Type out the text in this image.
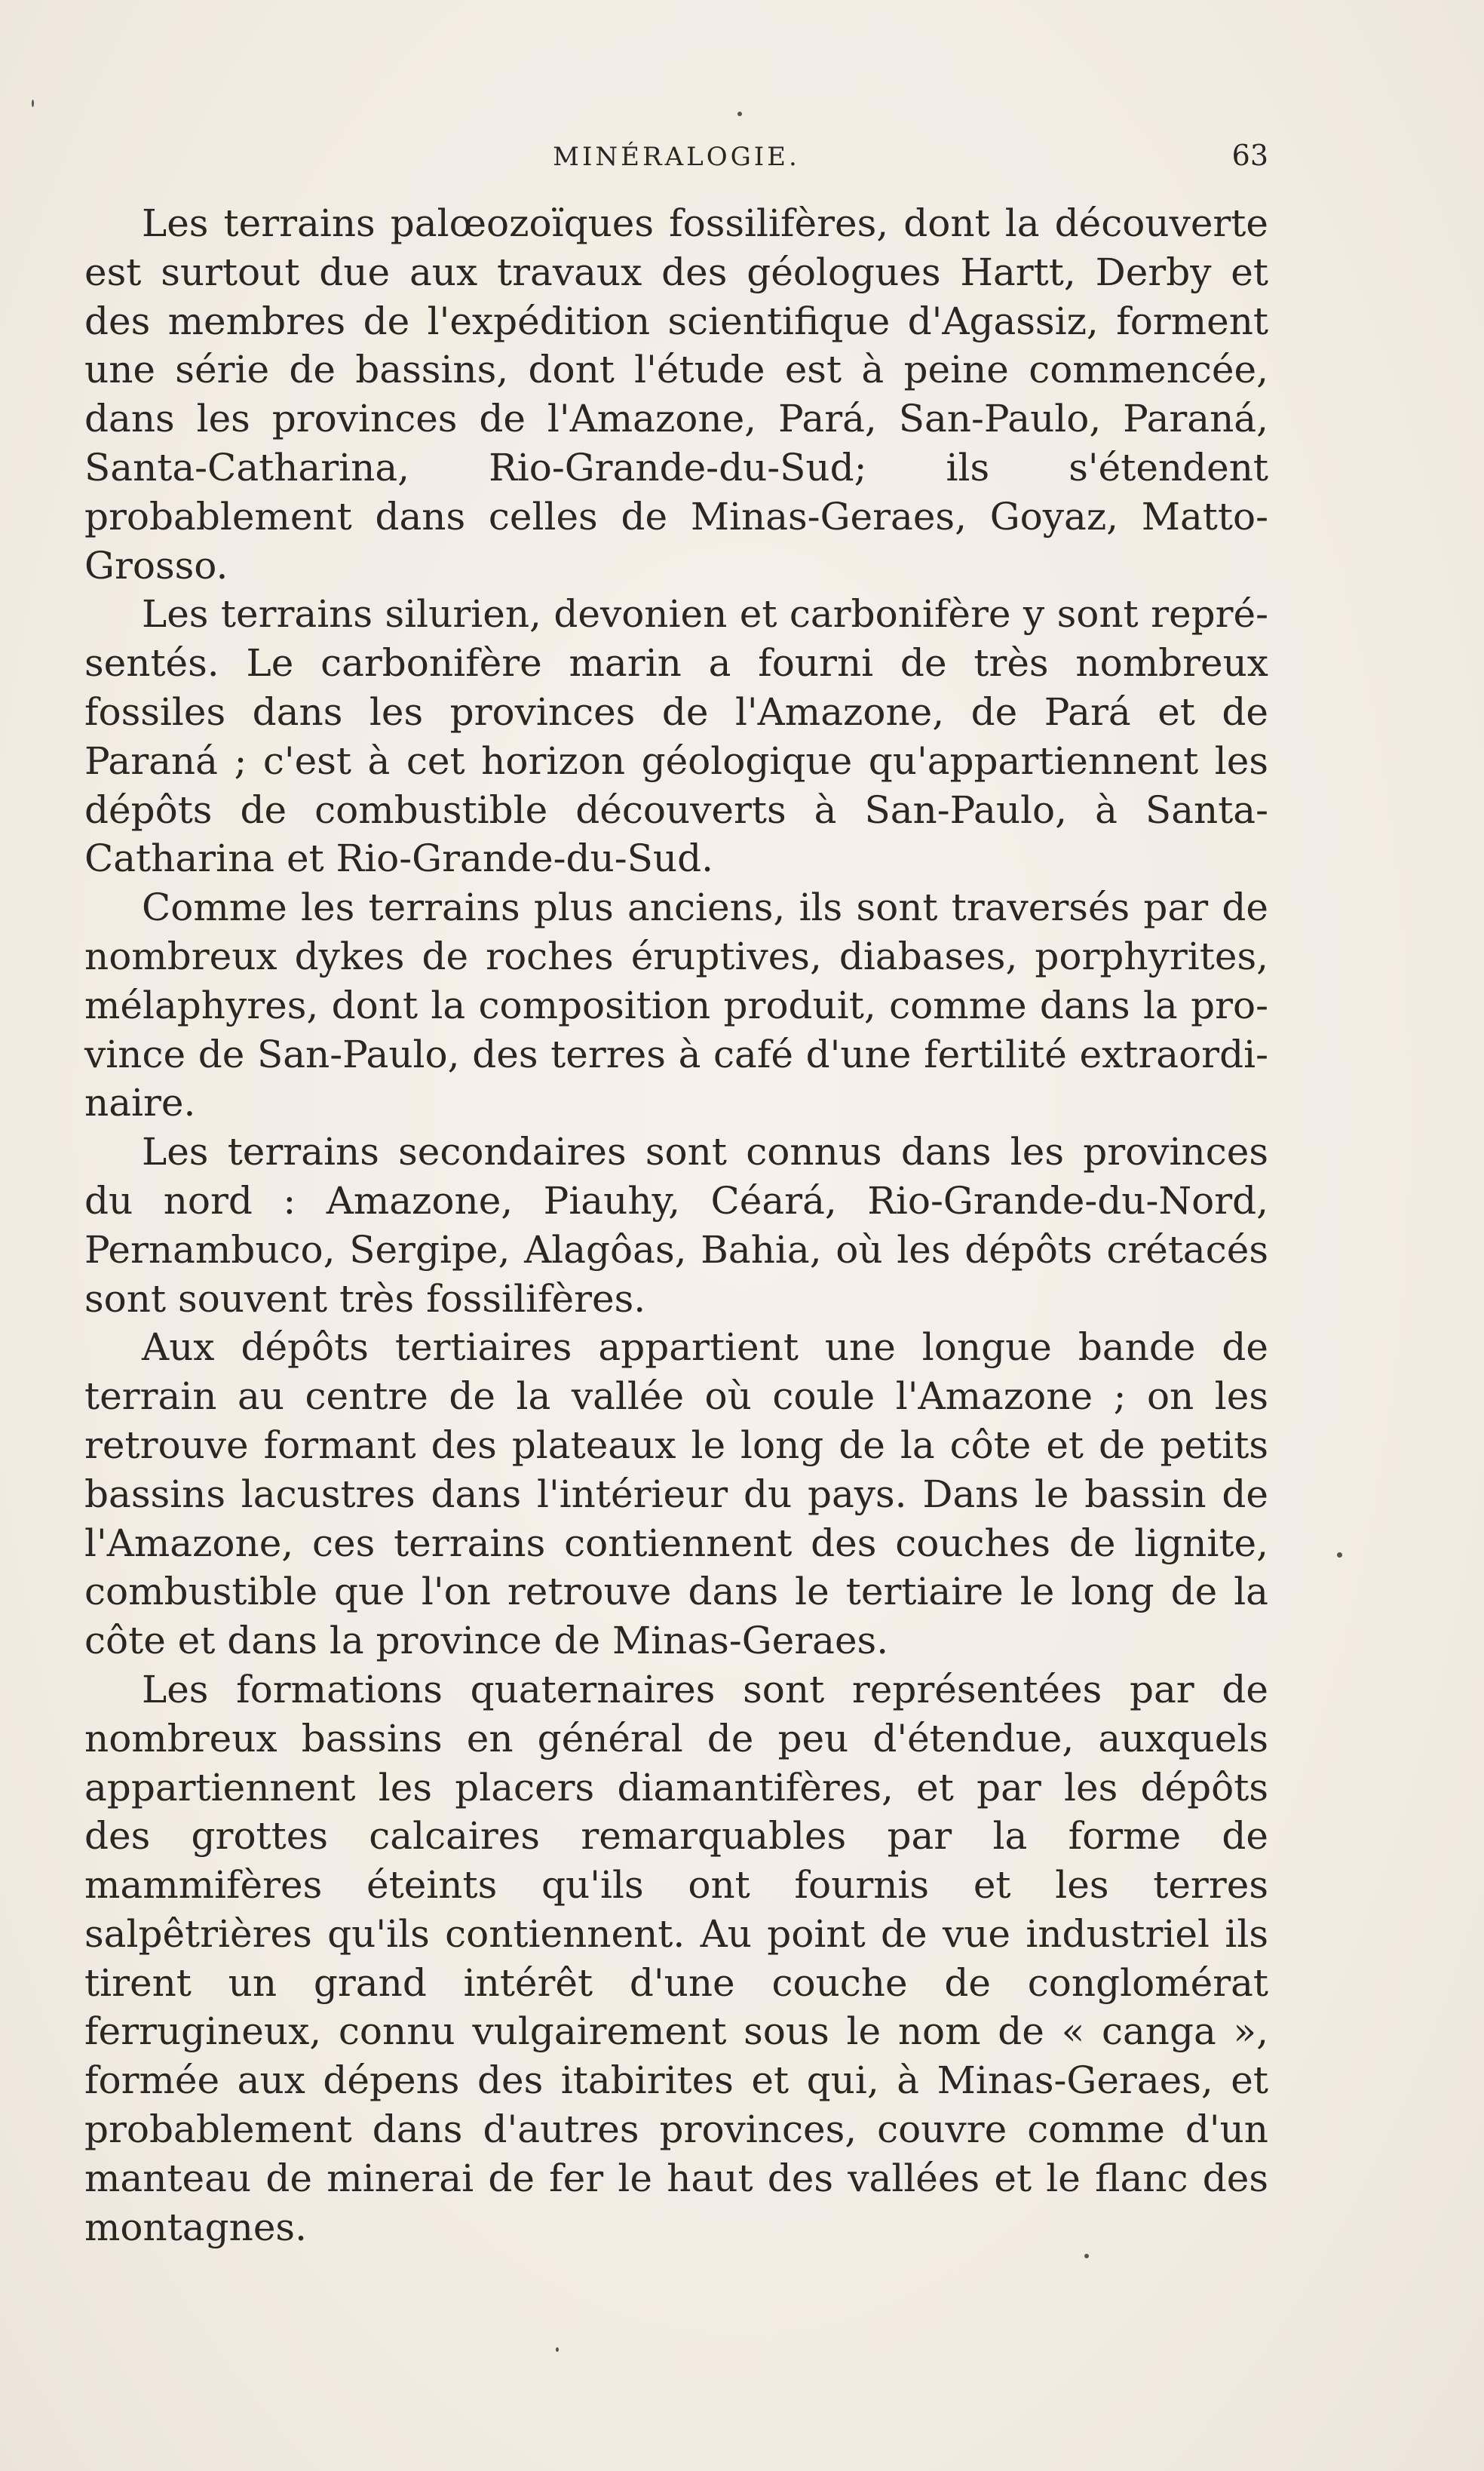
MINÉRALOGIE.	63

Les terrains palœozoïques fossilifères, dont la découverte est surtout due aux travaux des géologues Hartt, Derby et des membres de l'expédition scientifique d'Agassiz, forment une série de bassins, dont l'étude est à peine commencée, dans les provinces de l'Amazone, Pará, San-Paulo, Paraná, Santa-Catharina, Rio-Grande-du-Sud; ils s'étendent probablement dans celles de Minas-Geraes, Goyaz, Matto-Grosso.

Les terrains silurien, devonien et carbonifère y sont représentés. Le carbonifère marin a fourni de très nombreux fossiles dans les provinces de l'Amazone, de Pará et de Paraná ; c'est à cet horizon géologique qu'appartiennent les dépôts de combustible découverts à San-Paulo, à Santa-Catharina et Rio-Grande-du-Sud.

Comme les terrains plus anciens, ils sont traversés par de nombreux dykes de roches éruptives, diabases, porphyrites, mélaphyres, dont la composition produit, comme dans la province de San-Paulo, des terres à café d'une fertilité extraordinaire.

Les terrains secondaires sont connus dans les provinces du nord : Amazone, Piauhy, Céará, Rio-Grande-du-Nord, Pernambuco, Sergipe, Alagôas, Bahia, où les dépôts crétacés sont souvent très fossilifères.

Aux dépôts tertiaires appartient une longue bande de terrain au centre de la vallée où coule l'Amazone ; on les retrouve formant des plateaux le long de la côte et de petits bassins lacustres dans l'intérieur du pays. Dans le bassin de l'Amazone, ces terrains contiennent des couches de lignite, combustible que l'on retrouve dans le tertiaire le long de la côte et dans la province de Minas-Geraes.

Les formations quaternaires sont représentées par de nombreux bassins en général de peu d'étendue, auxquels appartiennent les placers diamantifères, et par les dépôts des grottes calcaires remarquables par la forme de mammifères éteints qu'ils ont fournis et les terres salpêtrières qu'ils contiennent. Au point de vue industriel ils tirent un grand intérêt d'une couche de conglomérat ferrugineux, connu vulgairement sous le nom de « canga », formée aux dépens des itabirites et qui, à Minas-Geraes, et probablement dans d'autres provinces, couvre comme d'un manteau de minerai de fer le haut des vallées et le flanc des montagnes.
